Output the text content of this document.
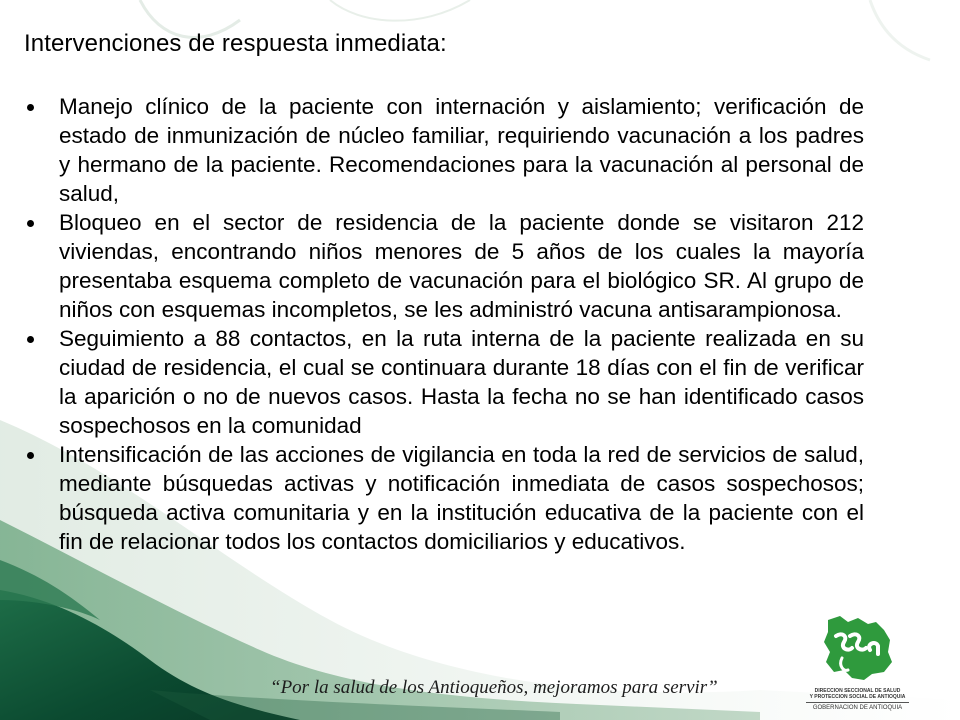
Intervenciones de respuesta inmediata:
Manejo clínico de la paciente con internación y aislamiento; verificación de estado de inmunización de núcleo familiar, requiriendo vacunación a los padres y hermano de la paciente. Recomendaciones para la vacunación al personal de salud,
Bloqueo en el sector de residencia de la paciente donde se visitaron 212 viviendas, encontrando niños menores de 5 años de los cuales la mayoría presentaba esquema completo de vacunación para el biológico SR. Al grupo de niños con esquemas incompletos, se les administró vacuna antisarampionosa.
Seguimiento a 88 contactos, en la ruta interna de la paciente realizada en su ciudad de residencia, el cual se continuara durante 18 días con el fin de verificar la aparición o no de nuevos casos. Hasta la fecha no se han identificado casos sospechosos en la comunidad
Intensificación de las acciones de vigilancia en toda la red de servicios de salud, mediante búsquedas activas y notificación inmediata de casos sospechosos; búsqueda activa comunitaria y en la institución educativa de la paciente con el fin de relacionar todos los contactos domiciliarios y educativos.
“Por la salud de los Antioqueños, mejoramos para servir”	DIRECCION SECCIONAL DE SALUD
Y PROTECCION SOCIAL DE ANTIOQUIA
GOBERNACION DE ANTIOQUIA
